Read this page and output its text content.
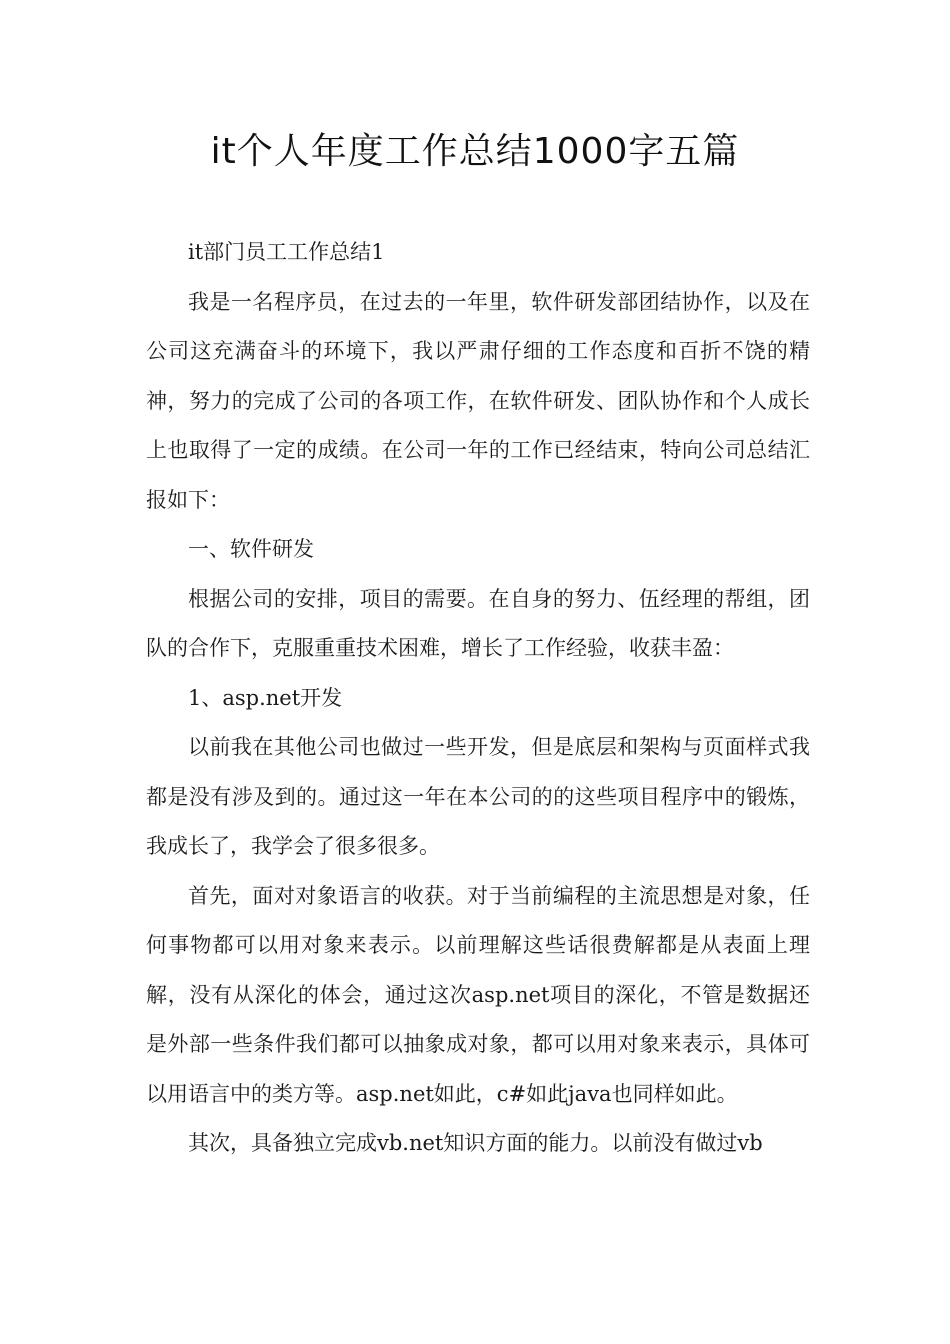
it个人年度工作总结1000字五篇

it部门员工工作总结1

我是一名程序员，在过去的一年里，软件研发部团结协作，以及在公司这充满奋斗的环境下，我以严肃仔细的工作态度和百折不饶的精神，努力的完成了公司的各项工作，在软件研发、团队协作和个人成长上也取得了一定的成绩。在公司一年的工作已经结束，特向公司总结汇报如下：

一、软件研发

根据公司的安排，项目的需要。在自身的努力、伍经理的帮组，团队的合作下，克服重重技术困难，增长了工作经验，收获丰盈：

1、asp.net开发

以前我在其他公司也做过一些开发，但是底层和架构与页面样式我都是没有涉及到的。通过这一年在本公司的的这些项目程序中的锻炼，我成长了，我学会了很多很多。

首先，面对对象语言的收获。对于当前编程的主流思想是对象，任何事物都可以用对象来表示。以前理解这些话很费解都是从表面上理解，没有从深化的体会，通过这次asp.net项目的深化，不管是数据还是外部一些条件我们都可以抽象成对象，都可以用对象来表示，具体可以用语言中的类方等。asp.net如此，c#如此java也同样如此。

其次，具备独立完成vb.net知识方面的能力。以前没有做过vb
